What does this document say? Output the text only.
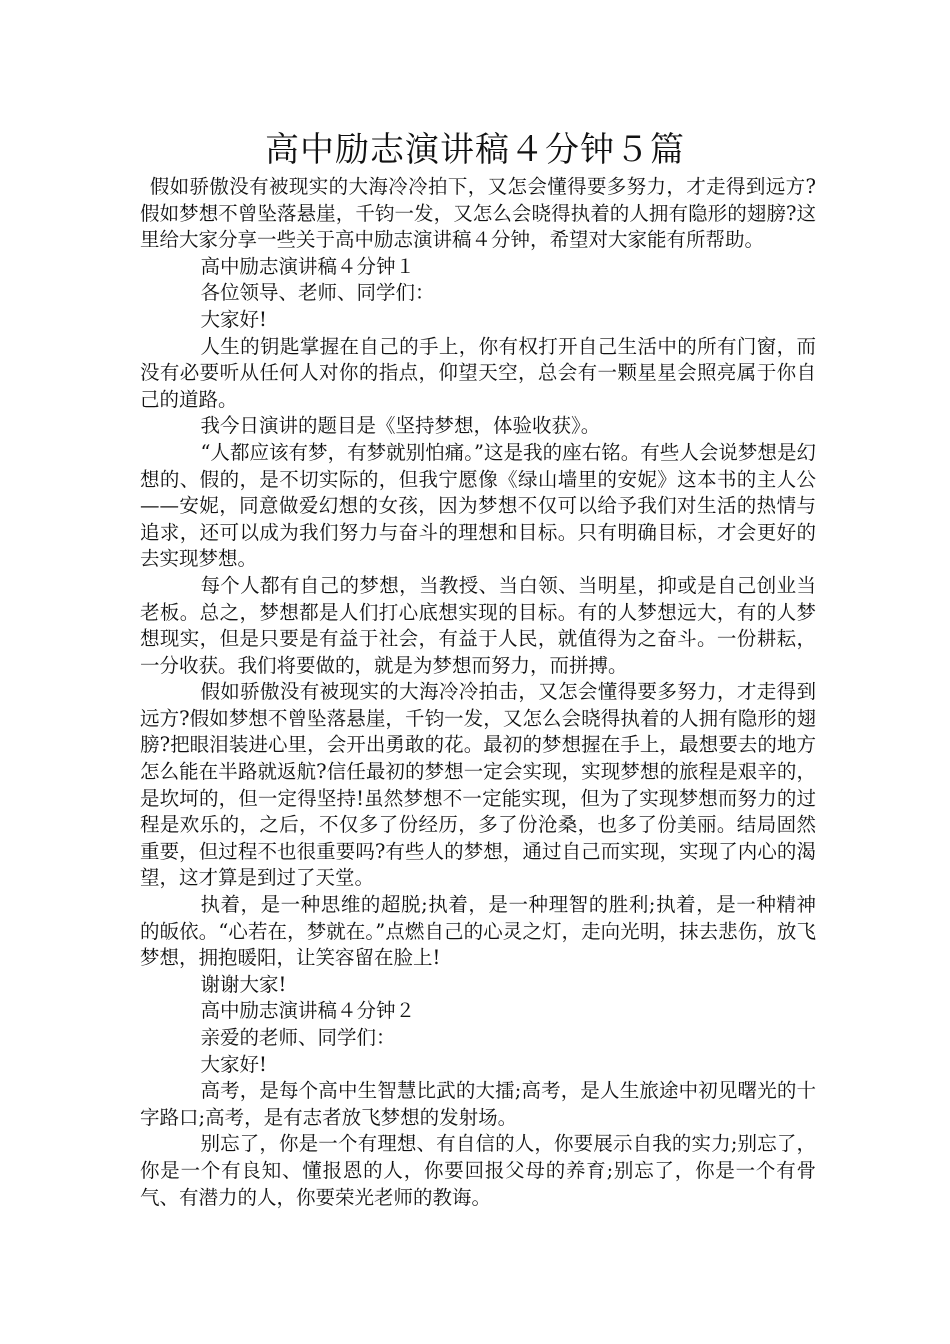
高中励志演讲稿４分钟５篇

假如骄傲没有被现实的大海冷冷拍下，又怎会懂得要多努力，才走得到远方?假如梦想不曾坠落悬崖，千钧一发，又怎么会晓得执着的人拥有隐形的翅膀?这里给大家分享一些关于高中励志演讲稿４分钟，希望对大家能有所帮助。

高中励志演讲稿４分钟１

各位领导、老师、同学们：

大家好!

人生的钥匙掌握在自己的手上，你有权打开自己生活中的所有门窗，而没有必要听从任何人对你的指点，仰望天空，总会有一颗星星会照亮属于你自己的道路。

我今日演讲的题目是《坚持梦想，体验收获》。

“人都应该有梦，有梦就别怕痛。”这是我的座右铭。有些人会说梦想是幻想的、假的，是不切实际的，但我宁愿像《绿山墙里的安妮》这本书的主人公——安妮，同意做爱幻想的女孩，因为梦想不仅可以给予我们对生活的热情与追求，还可以成为我们努力与奋斗的理想和目标。只有明确目标，才会更好的去实现梦想。

每个人都有自己的梦想，当教授、当白领、当明星，抑或是自己创业当老板。总之，梦想都是人们打心底想实现的目标。有的人梦想远大，有的人梦想现实，但是只要是有益于社会，有益于人民，就值得为之奋斗。一份耕耘，一分收获。我们将要做的，就是为梦想而努力，而拼搏。

假如骄傲没有被现实的大海冷冷拍击，又怎会懂得要多努力，才走得到远方?假如梦想不曾坠落悬崖，千钧一发，又怎么会晓得执着的人拥有隐形的翅膀?把眼泪装进心里，会开出勇敢的花。最初的梦想握在手上，最想要去的地方怎么能在半路就返航?信任最初的梦想一定会实现，实现梦想的旅程是艰辛的，是坎坷的，但一定得坚持!虽然梦想不一定能实现，但为了实现梦想而努力的过程是欢乐的，之后，不仅多了份经历，多了份沧桑，也多了份美丽。结局固然重要，但过程不也很重要吗?有些人的梦想，通过自己而实现，实现了内心的渴望，这才算是到过了天堂。

执着，是一种思维的超脱;执着，是一种理智的胜利;执着，是一种精神的皈依。“心若在，梦就在。”点燃自己的心灵之灯，走向光明，抹去悲伤，放飞梦想，拥抱暖阳，让笑容留在脸上!

谢谢大家!

高中励志演讲稿４分钟２

亲爱的老师、同学们：

大家好!

高考，是每个高中生智慧比武的大擂;高考，是人生旅途中初见曙光的十字路口;高考，是有志者放飞梦想的发射场。

别忘了，你是一个有理想、有自信的人，你要展示自我的实力;别忘了，你是一个有良知、懂报恩的人，你要回报父母的养育;别忘了，你是一个有骨气、有潜力的人，你要荣光老师的教诲。
